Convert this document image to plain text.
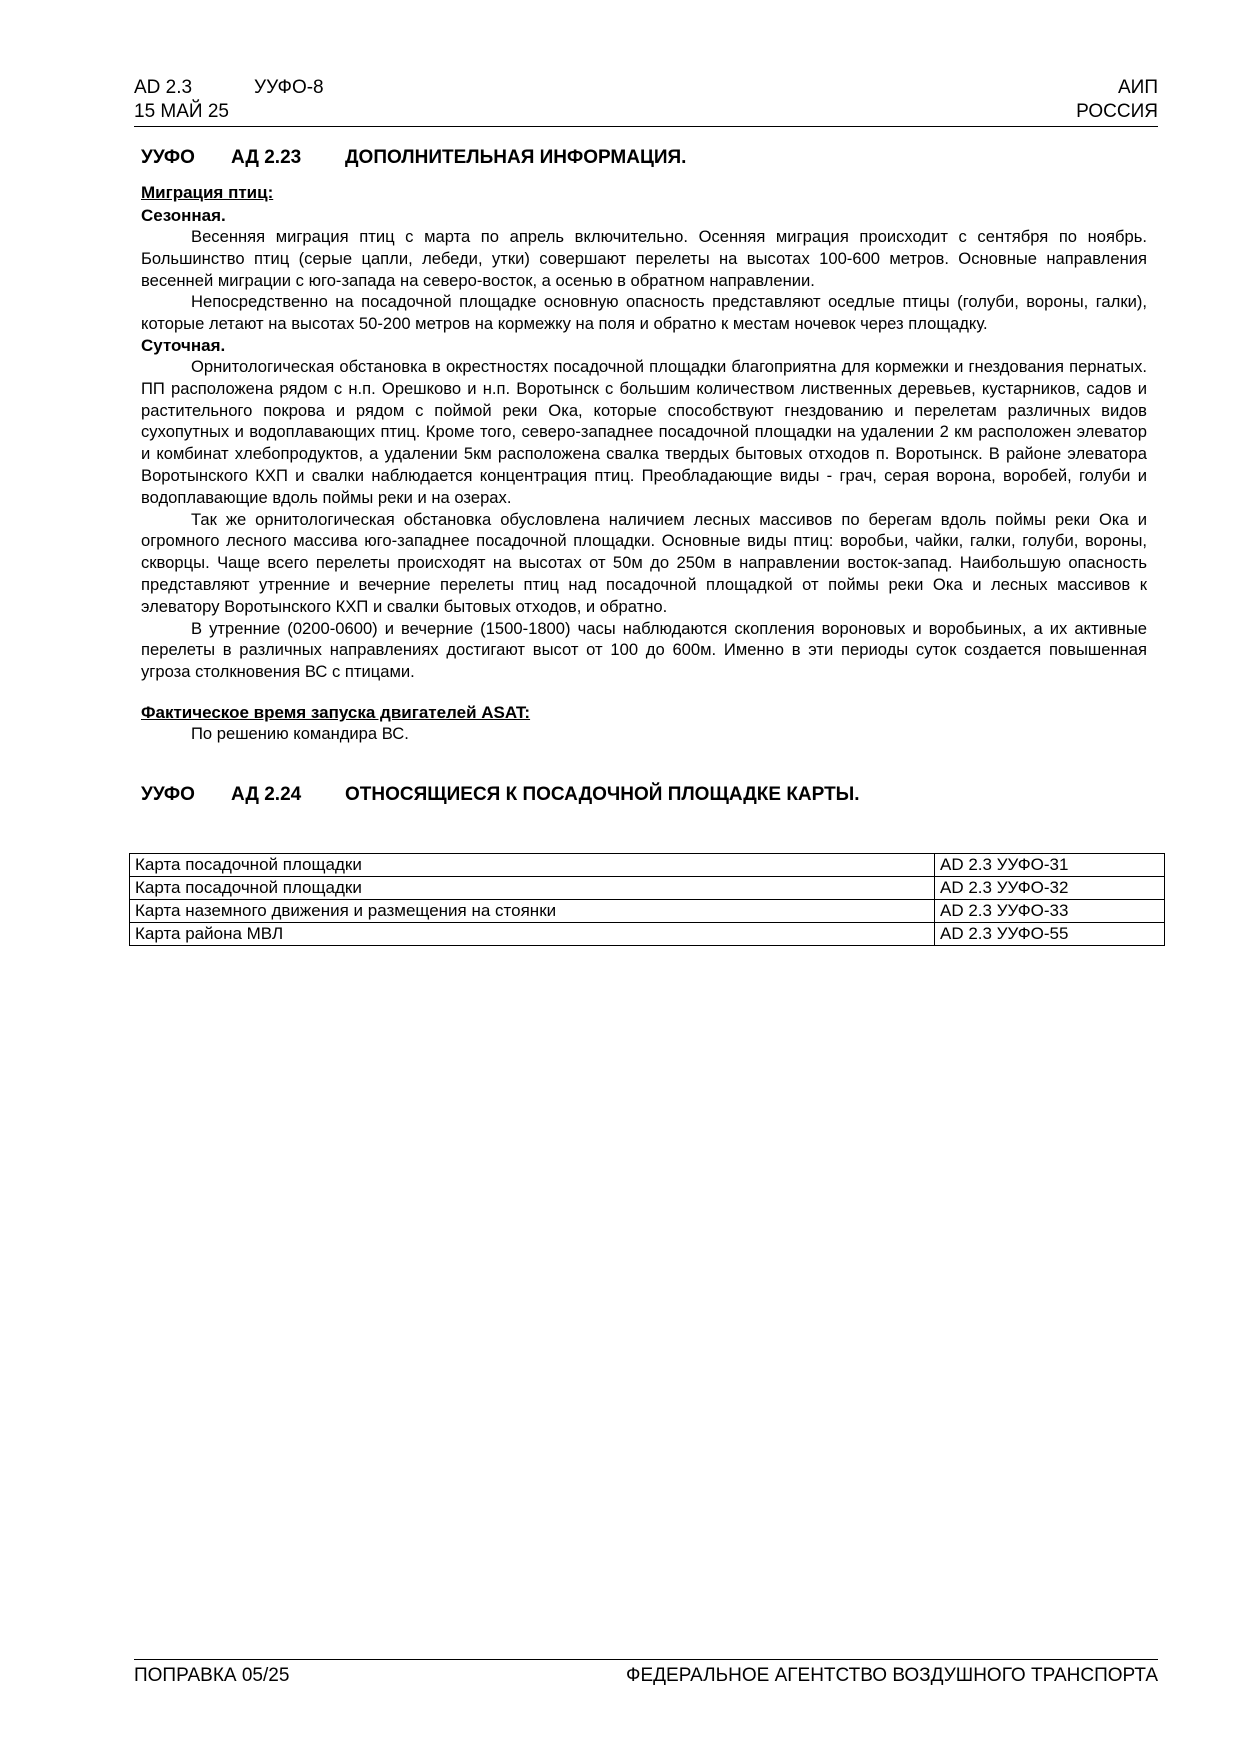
AD 2.3	УУФО-8
15 МАЙ 25
АИП
РОССИЯ
УУФО АД 2.23 ДОПОЛНИТЕЛЬНАЯ ИНФОРМАЦИЯ.

Миграция птиц:

Сезонная.

Весенняя миграция птиц с марта по апрель включительно. Осенняя миграция происходит с сентября по ноябрь. Большинство птиц (серые цапли, лебеди, утки) совершают перелеты на высотах 100-600 метров. Основные направления весенней миграции с юго-запада на северо-восток, а осенью в обратном направлении.

Непосредственно на посадочной площадке основную опасность представляют оседлые птицы (голуби, вороны, галки), которые летают на высотах 50-200 метров на кормежку на поля и обратно к местам ночевок через площадку.

Суточная.

Орнитологическая обстановка в окрестностях посадочной площадки благоприятна для кормежки и гнездования пернатых. ПП расположена рядом с н.п. Орешково и н.п. Воротынск с большим количеством лиственных деревьев, кустарников, садов и растительного покрова и рядом с поймой реки Ока, которые способствуют гнездованию и перелетам различных видов сухопутных и водоплавающих птиц. Кроме того, северо-западнее посадочной площадки на удалении 2 км расположен элеватор и комбинат хлебопродуктов, а удалении 5км расположена свалка твердых бытовых отходов п. Воротынск. В районе элеватора Воротынского КХП и свалки наблюдается концентрация птиц. Преобладающие виды - грач, серая ворона, воробей, голуби и водоплавающие вдоль поймы реки и на озерах.

Так же орнитологическая обстановка обусловлена наличием лесных массивов по берегам вдоль поймы реки Ока и огромного лесного массива юго-западнее посадочной площадки. Основные виды птиц: воробьи, чайки, галки, голуби, вороны, скворцы. Чаще всего перелеты происходят на высотах от 50м до 250м в направлении восток-запад. Наибольшую опасность представляют утренние и вечерние перелеты птиц над посадочной площадкой от поймы реки Ока и лесных массивов к элеватору Воротынского КХП и свалки бытовых отходов, и обратно.

В утренние (0200-0600) и вечерние (1500-1800) часы наблюдаются скопления вороновых и воробьиных, а их активные перелеты в различных направлениях достигают высот от 100 до 600м. Именно в эти периоды суток создается повышенная угроза столкновения ВС с птицами.

Фактическое время запуска двигателей ASAT:

По решению командира ВС.

УУФО АД 2.24 ОТНОСЯЩИЕСЯ К ПОСАДОЧНОЙ ПЛОЩАДКЕ КАРТЫ.
Карта посадочной площадки	AD 2.3 УУФО-31
Карта посадочной площадки	AD 2.3 УУФО-32
Карта наземного движения и размещения на стоянки	AD 2.3 УУФО-33
Карта района МВЛ	AD 2.3 УУФО-55
ПОПРАВКА 05/25	ФЕДЕРАЛЬНОЕ АГЕНТСТВО ВОЗДУШНОГО ТРАНСПОРТА
